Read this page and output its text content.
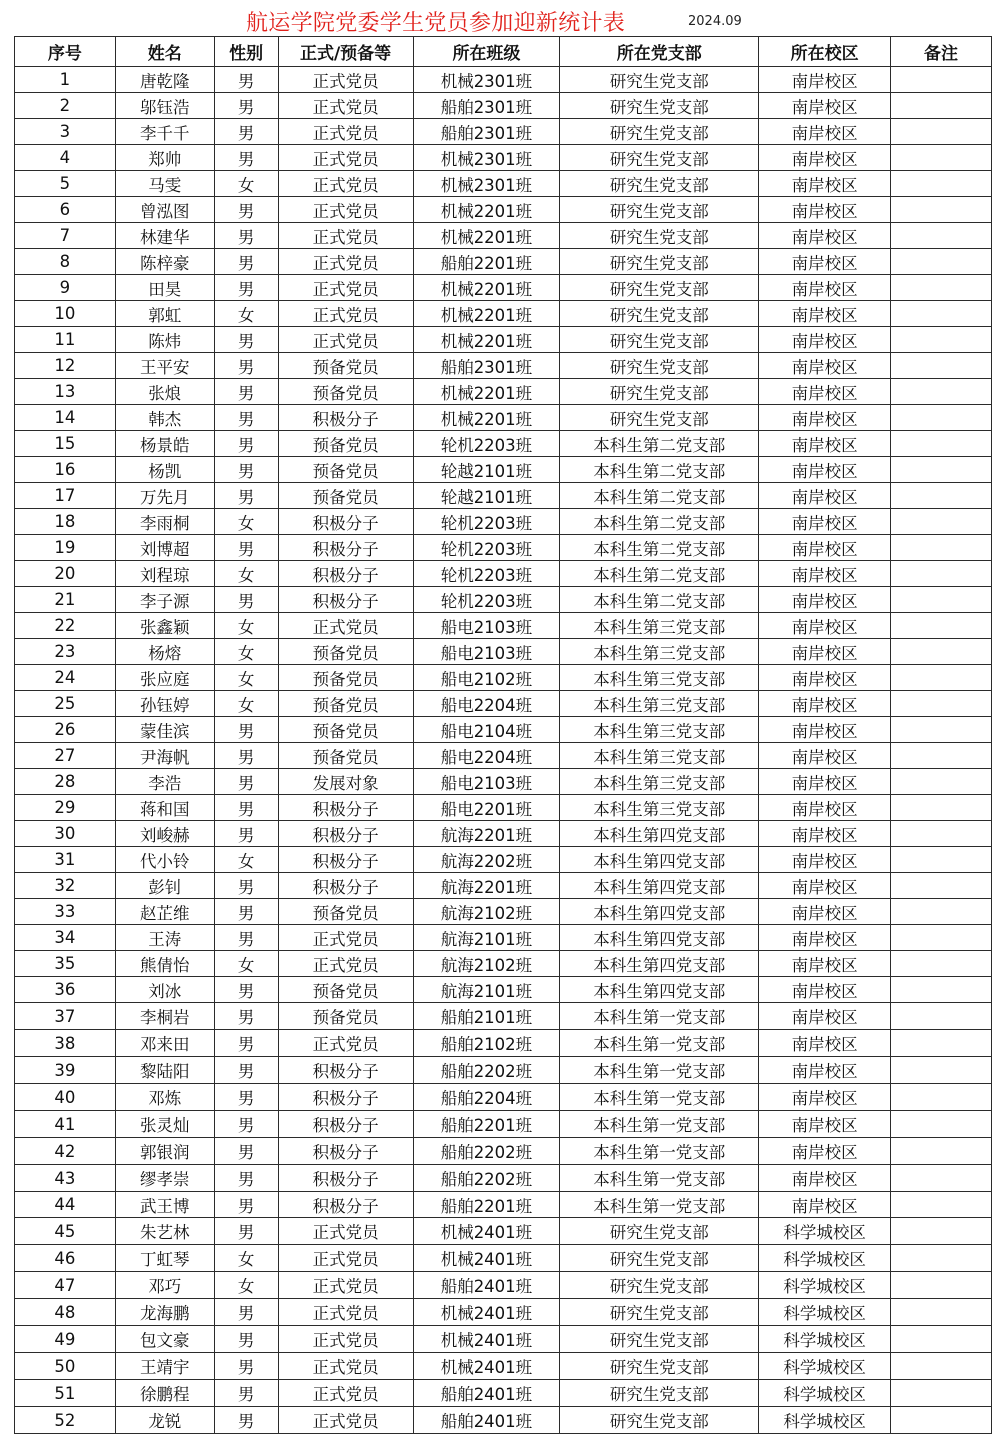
航运学院党委学生党员参加迎新统计表	2024.09
序号	姓名	性别	正式/预备等	所在班级	所在党支部	所在校区	备注
1	唐乾隆	男	正式党员	机械2301班	研究生党支部	南岸校区	
2	邬钰浩	男	正式党员	船舶2301班	研究生党支部	南岸校区	
3	李千千	男	正式党员	船舶2301班	研究生党支部	南岸校区	
4	郑帅	男	正式党员	机械2301班	研究生党支部	南岸校区	
5	马雯	女	正式党员	机械2301班	研究生党支部	南岸校区	
6	曾泓图	男	正式党员	机械2201班	研究生党支部	南岸校区	
7	林建华	男	正式党员	机械2201班	研究生党支部	南岸校区	
8	陈梓豪	男	正式党员	船舶2201班	研究生党支部	南岸校区	
9	田昊	男	正式党员	机械2201班	研究生党支部	南岸校区	
10	郭虹	女	正式党员	机械2201班	研究生党支部	南岸校区	
11	陈炜	男	正式党员	机械2201班	研究生党支部	南岸校区	
12	王平安	男	预备党员	船舶2301班	研究生党支部	南岸校区	
13	张烺	男	预备党员	机械2201班	研究生党支部	南岸校区	
14	韩杰	男	积极分子	机械2201班	研究生党支部	南岸校区	
15	杨景皓	男	预备党员	轮机2203班	本科生第二党支部	南岸校区	
16	杨凯	男	预备党员	轮越2101班	本科生第二党支部	南岸校区	
17	万先月	男	预备党员	轮越2101班	本科生第二党支部	南岸校区	
18	李雨桐	女	积极分子	轮机2203班	本科生第二党支部	南岸校区	
19	刘博超	男	积极分子	轮机2203班	本科生第二党支部	南岸校区	
20	刘程琼	女	积极分子	轮机2203班	本科生第二党支部	南岸校区	
21	李子源	男	积极分子	轮机2203班	本科生第二党支部	南岸校区	
22	张鑫颖	女	正式党员	船电2103班	本科生第三党支部	南岸校区	
23	杨熔	女	预备党员	船电2103班	本科生第三党支部	南岸校区	
24	张应庭	女	预备党员	船电2102班	本科生第三党支部	南岸校区	
25	孙钰婷	女	预备党员	船电2204班	本科生第三党支部	南岸校区	
26	蒙佳滨	男	预备党员	船电2104班	本科生第三党支部	南岸校区	
27	尹海帆	男	预备党员	船电2204班	本科生第三党支部	南岸校区	
28	李浩	男	发展对象	船电2103班	本科生第三党支部	南岸校区	
29	蒋和国	男	积极分子	船电2201班	本科生第三党支部	南岸校区	
30	刘峻赫	男	积极分子	航海2201班	本科生第四党支部	南岸校区	
31	代小铃	女	积极分子	航海2202班	本科生第四党支部	南岸校区	
32	彭钊	男	积极分子	航海2201班	本科生第四党支部	南岸校区	
33	赵芷维	男	预备党员	航海2102班	本科生第四党支部	南岸校区	
34	王涛	男	正式党员	航海2101班	本科生第四党支部	南岸校区	
35	熊倩怡	女	正式党员	航海2102班	本科生第四党支部	南岸校区	
36	刘冰	男	预备党员	航海2101班	本科生第四党支部	南岸校区	
37	李桐岩	男	预备党员	船舶2101班	本科生第一党支部	南岸校区	
38	邓来田	男	正式党员	船舶2102班	本科生第一党支部	南岸校区	
39	黎陆阳	男	积极分子	船舶2202班	本科生第一党支部	南岸校区	
40	邓炼	男	积极分子	船舶2204班	本科生第一党支部	南岸校区	
41	张灵灿	男	积极分子	船舶2201班	本科生第一党支部	南岸校区	
42	郭银润	男	积极分子	船舶2202班	本科生第一党支部	南岸校区	
43	缪孝崇	男	积极分子	船舶2202班	本科生第一党支部	南岸校区	
44	武王博	男	积极分子	船舶2201班	本科生第一党支部	南岸校区	
45	朱艺林	男	正式党员	机械2401班	研究生党支部	科学城校区	
46	丁虹琴	女	正式党员	机械2401班	研究生党支部	科学城校区	
47	邓巧	女	正式党员	船舶2401班	研究生党支部	科学城校区	
48	龙海鹏	男	正式党员	机械2401班	研究生党支部	科学城校区	
49	包文豪	男	正式党员	机械2401班	研究生党支部	科学城校区	
50	王靖宇	男	正式党员	机械2401班	研究生党支部	科学城校区	
51	徐鹏程	男	正式党员	船舶2401班	研究生党支部	科学城校区	
52	龙锐	男	正式党员	船舶2401班	研究生党支部	科学城校区	
